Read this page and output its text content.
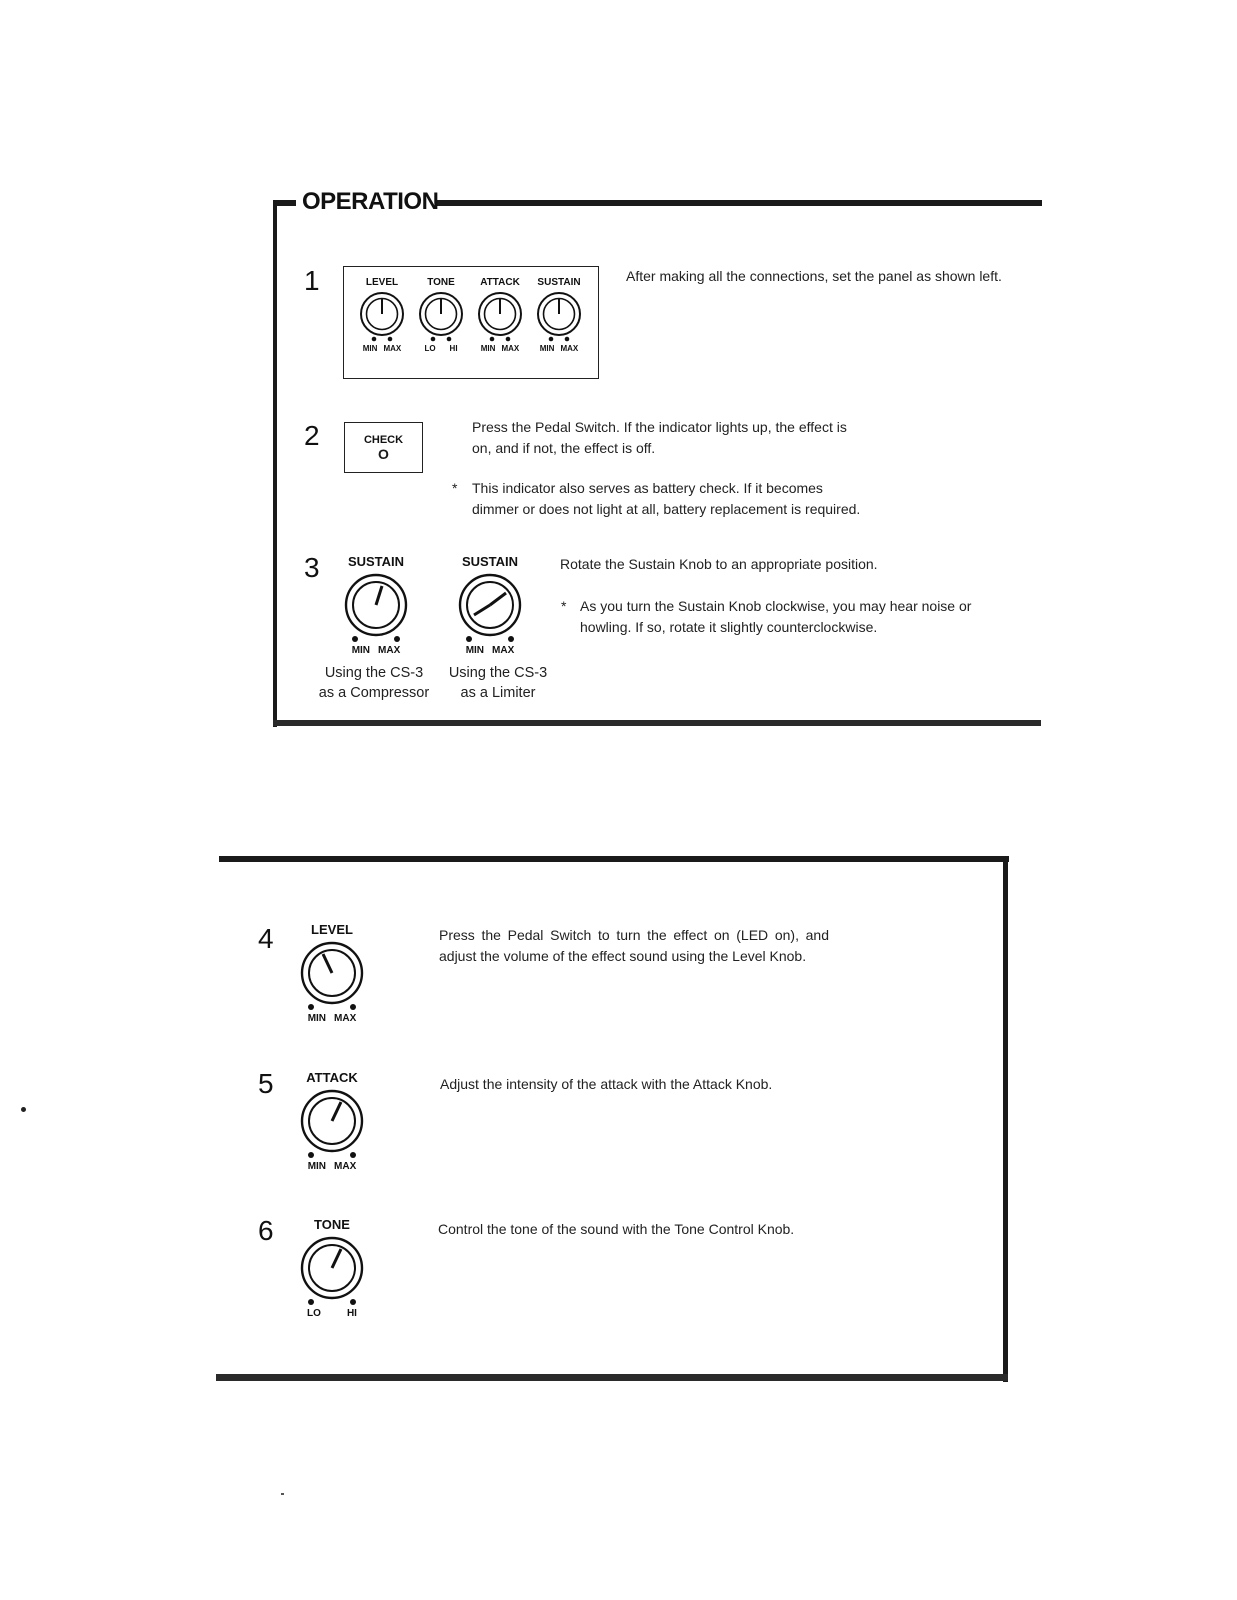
OPERATION
1	LEVEL
MIN MAX
TONE
LO HI
ATTACK
MIN MAX
SUSTAIN
MIN MAX
After making all the connections, set the panel as shown left.
2	CHECK
O
Press the Pedal Switch. If the indicator lights up, the effect is on, and if not, the effect is off.
* This indicator also serves as battery check. If it becomes dimmer or does not light at all, battery replacement is required.
3	SUSTAIN
MIN MAX
SUSTAIN
MIN MAX
Using the CS-3
as a Compressor
Using the CS-3
as a Limiter
Rotate the Sustain Knob to an appropriate position.
* As you turn the Sustain Knob clockwise, you may hear noise or howling. If so, rotate it slightly counterclockwise.
4	LEVEL
MIN MAX
Press the Pedal Switch to turn the effect on (LED on), and adjust the volume of the effect sound using the Level Knob.
5	ATTACK
MIN MAX
Adjust the intensity of the attack with the Attack Knob.
6	TONE
LO	HI
Control the tone of the sound with the Tone Control Knob.
